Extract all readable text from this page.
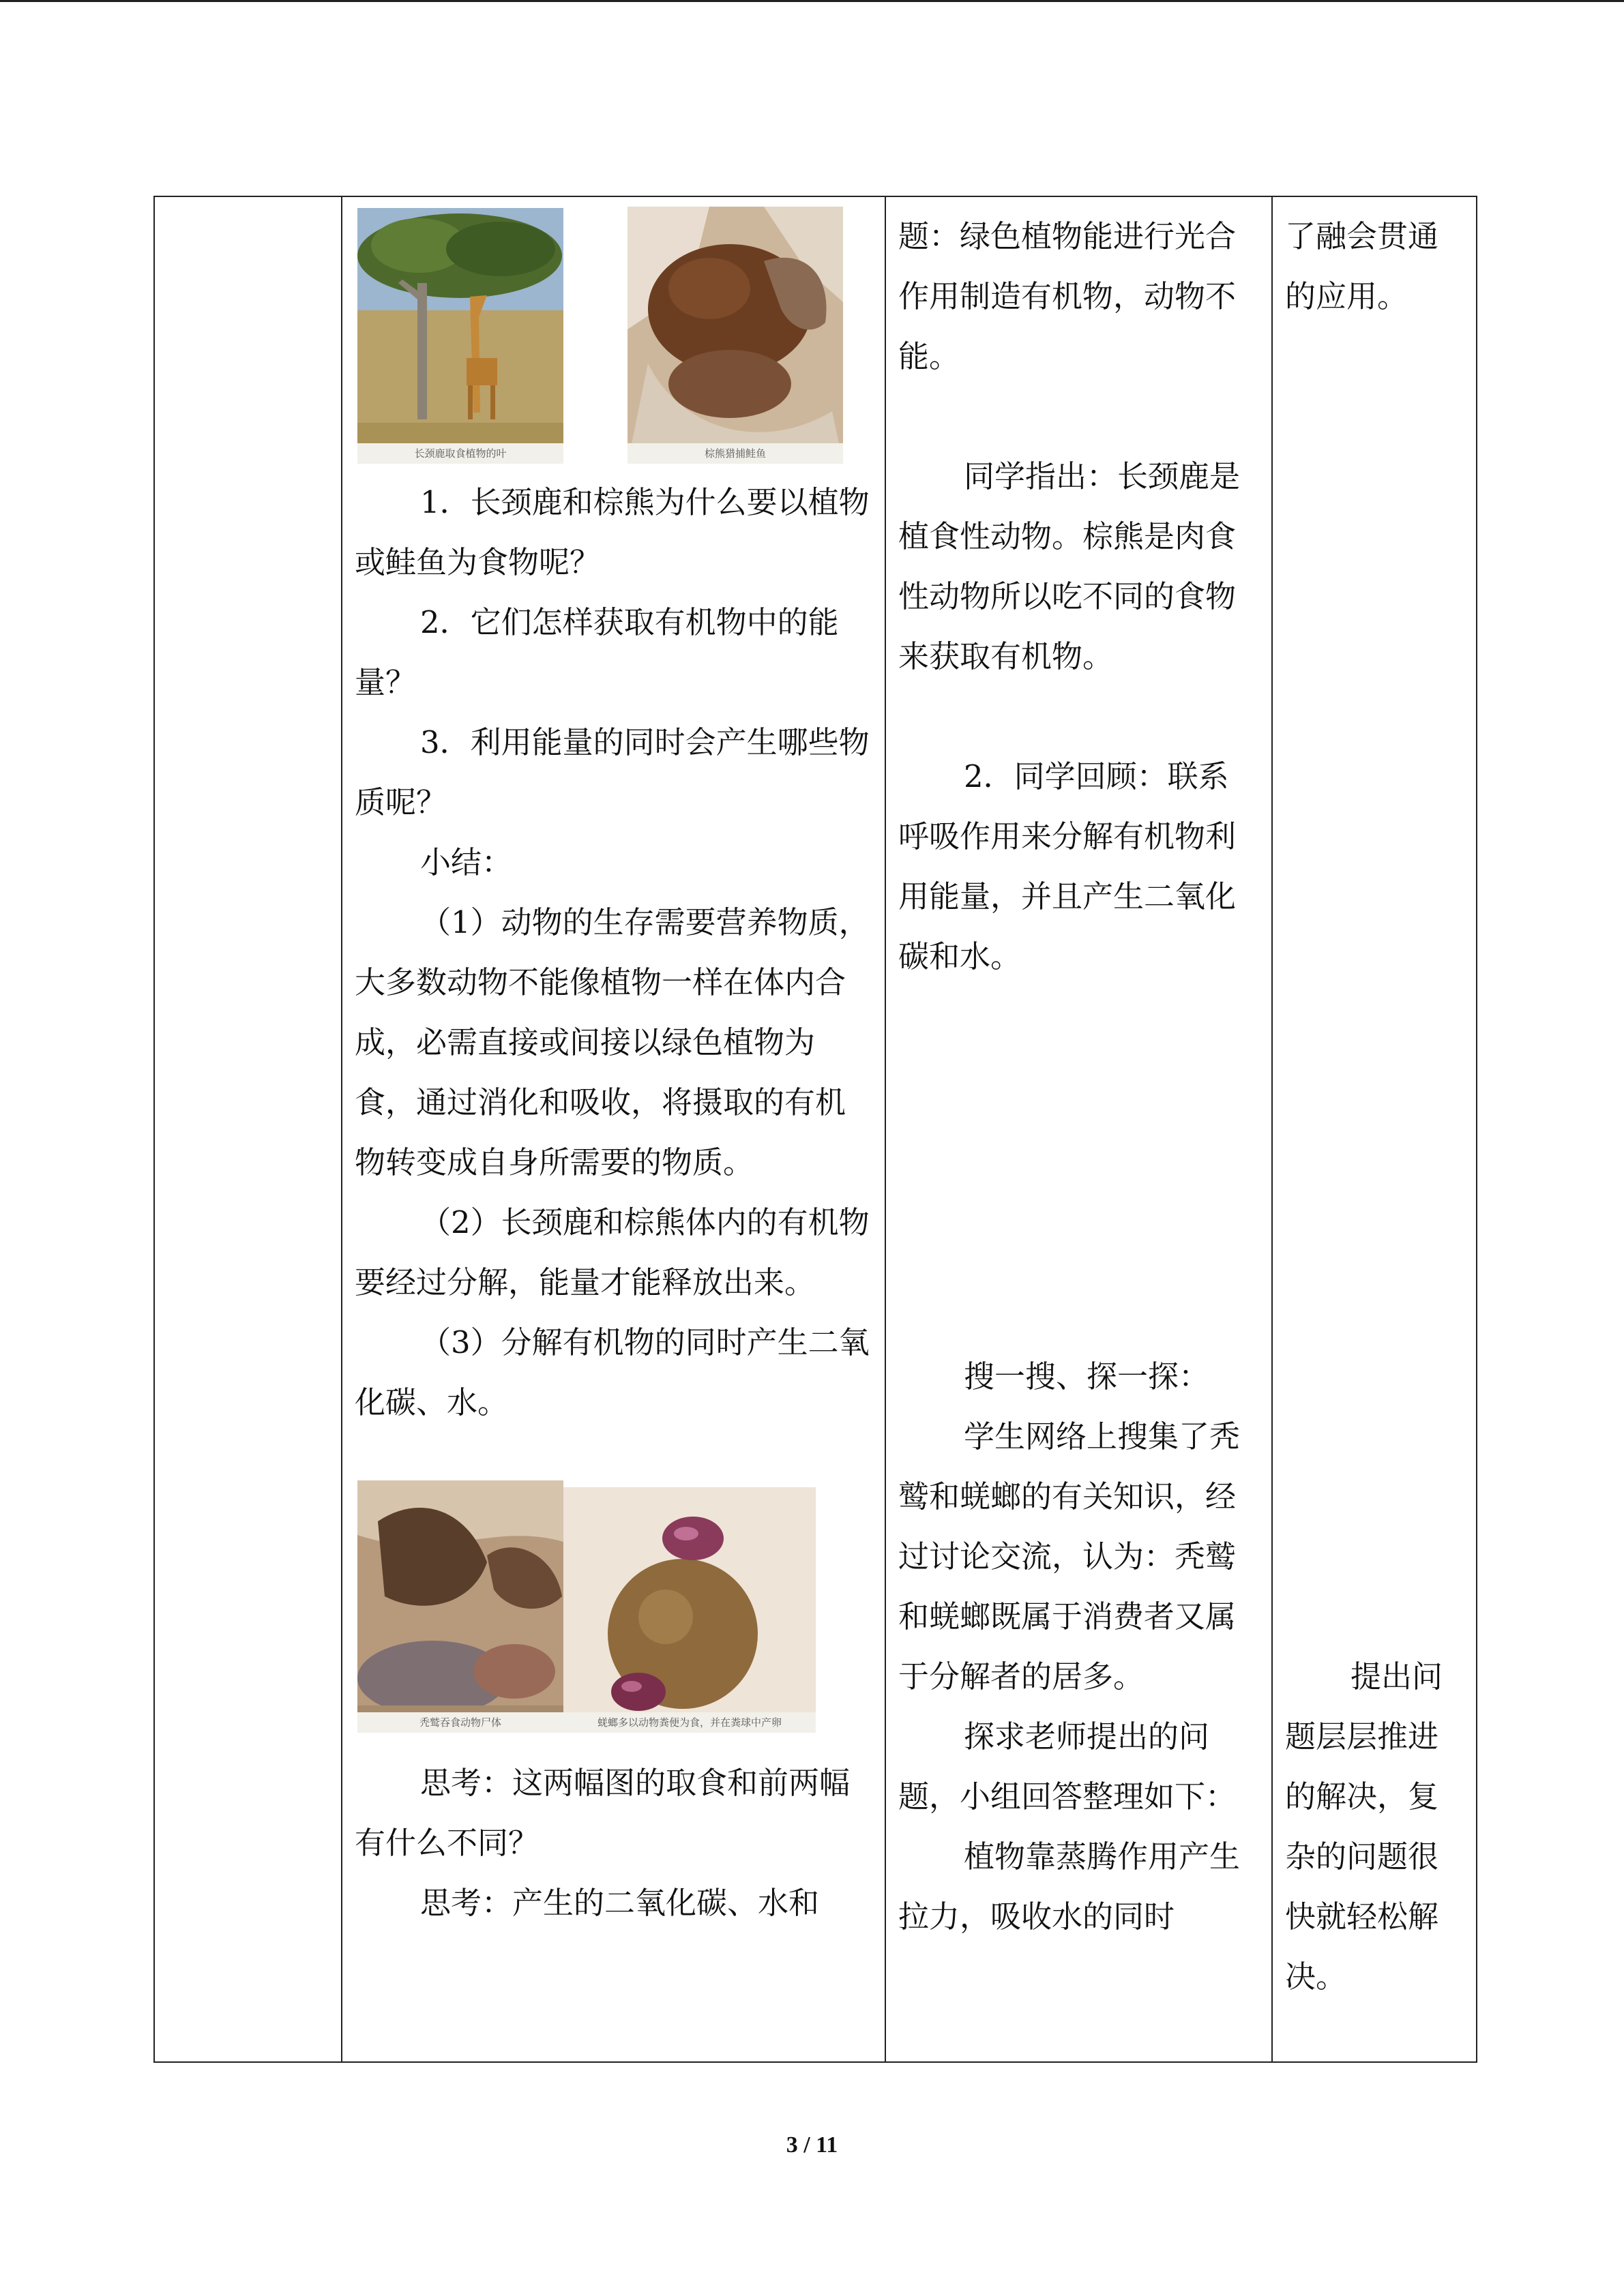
长颈鹿取食植物的叶	棕熊猎捕鲑鱼

1．长颈鹿和棕熊为什么要以植物或鲑鱼为食物呢？

2．它们怎样获取有机物中的能量？

3．利用能量的同时会产生哪些物质呢？

小结：

（1）动物的生存需要营养物质，大多数动物不能像植物一样在体内合成，必需直接或间接以绿色植物为食，通过消化和吸收，将摄取的有机物转变成自身所需要的物质。

（2）长颈鹿和棕熊体内的有机物要经过分解，能量才能释放出来。

（3）分解有机物的同时产生二氧化碳、水。

秃鹫吞食动物尸体	蜣螂多以动物粪便为食，并在粪球中产卵

思考：这两幅图的取食和前两幅有什么不同？

思考：产生的二氧化碳、水和

题：绿色植物能进行光合作用制造有机物，动物不能。

同学指出：长颈鹿是植食性动物。棕熊是肉食性动物所以吃不同的食物来获取有机物。

2．同学回顾：联系呼吸作用来分解有机物利用能量，并且产生二氧化碳和水。

搜一搜、探一探：

学生网络上搜集了秃鹫和蜣螂的有关知识，经过讨论交流，认为：秃鹫和蜣螂既属于消费者又属于分解者的居多。

探求老师提出的问题，小组回答整理如下：

植物靠蒸腾作用产生拉力，吸收水的同时

了融会贯通的应用。

提出问题层层推进的解决，复杂的问题很快就轻松解决。

3 / 11
